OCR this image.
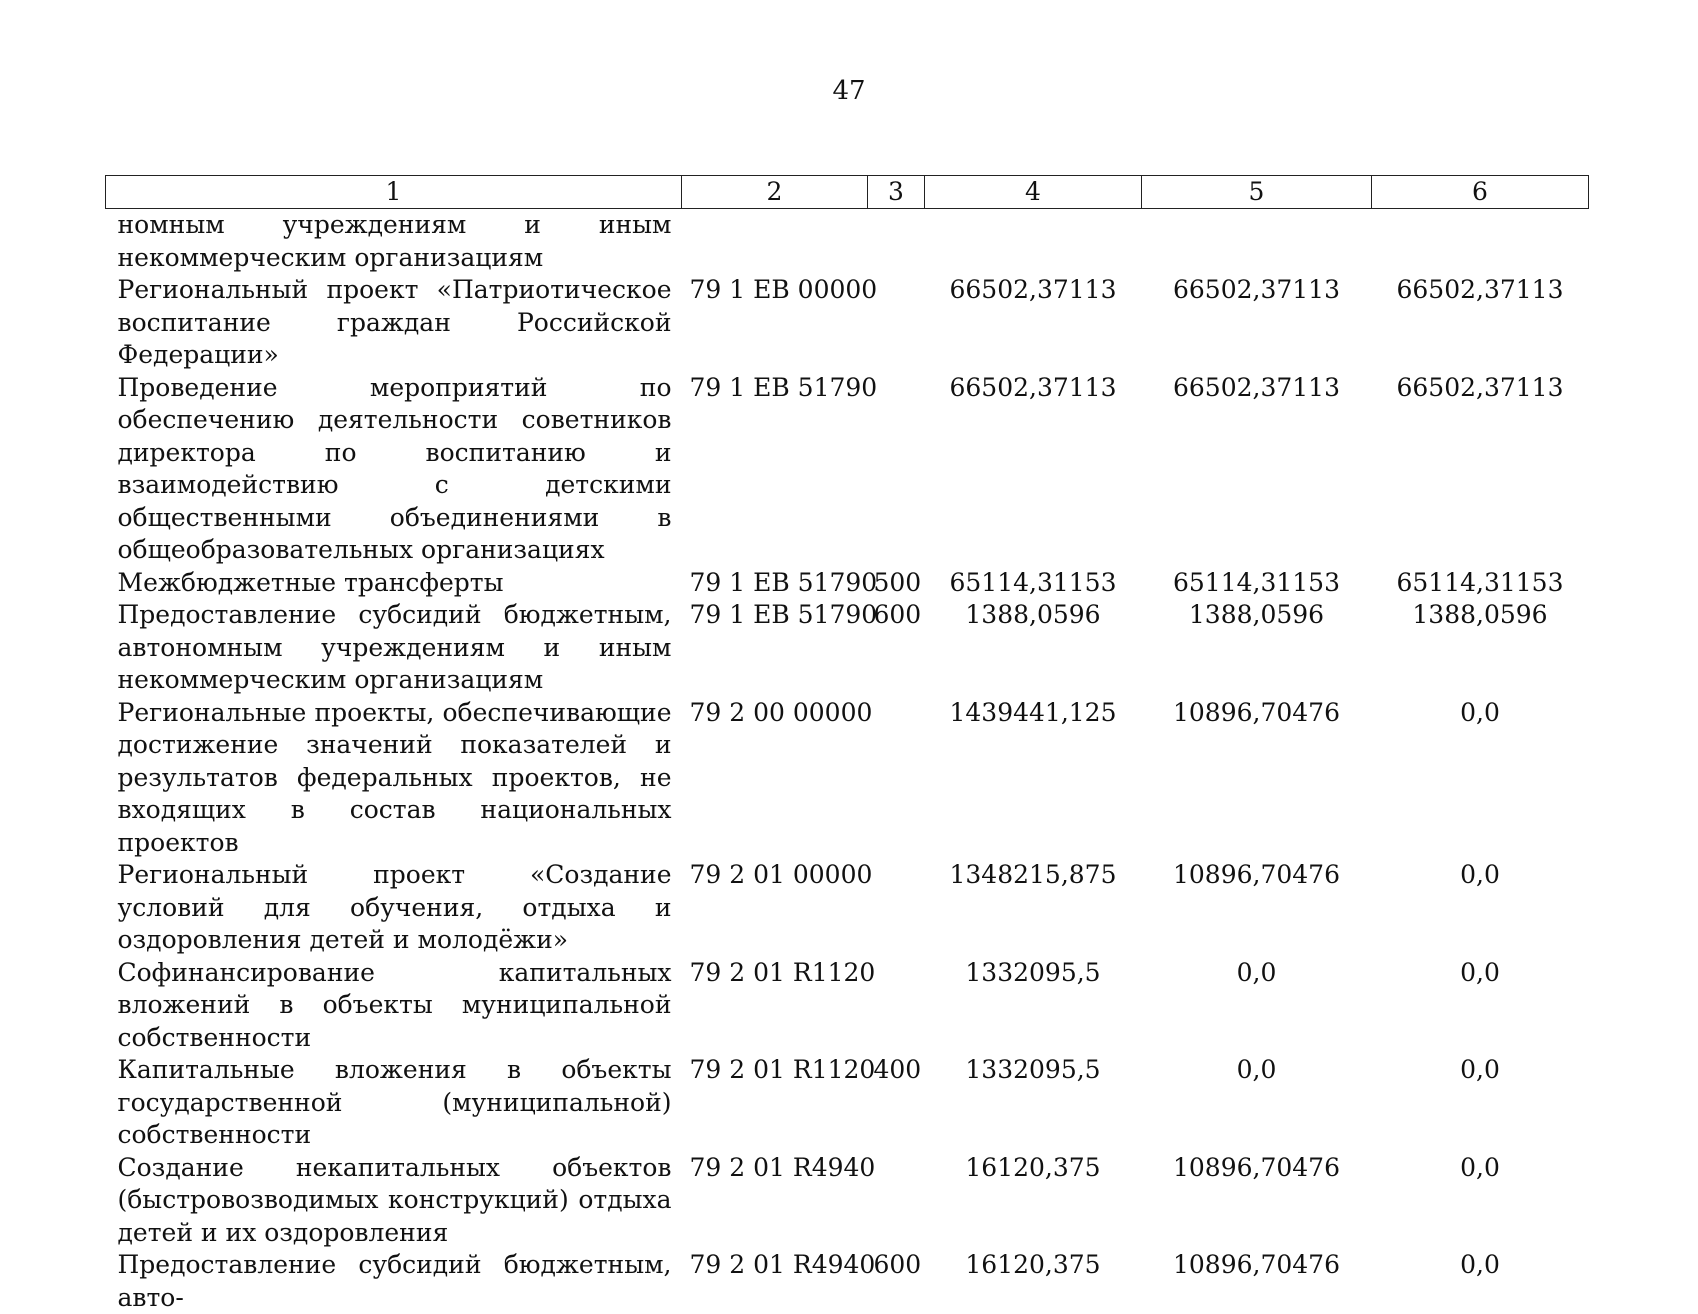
47
1	2	3	4	5	6
номным учреждениям и иным некоммерческим организациям					
Региональный проект «Патриотическое воспитание граждан Российской Федерации»	79 1 EB 00000		66502,37113	66502,37113	66502,37113
Проведение мероприятий по обеспечению деятельности советников директора по воспитанию и взаимодействию с детскими общественными объединениями в общеобразовательных организациях	79 1 EB 51790		66502,37113	66502,37113	66502,37113
Межбюджетные трансферты	79 1 EB 51790	500	65114,31153	65114,31153	65114,31153
Предоставление субсидий бюджетным, автономным учреждениям и иным некоммерческим организациям	79 1 EB 51790	600	1388,0596	1388,0596	1388,0596
Региональные проекты, обеспечивающие достижение значений показателей и результатов федеральных проектов, не входящих в состав национальных проектов	79 2 00 00000		1439441,125	10896,70476	0,0
Региональный проект «Создание условий для обучения, отдыха и оздоровления детей и молодёжи»	79 2 01 00000		1348215,875	10896,70476	0,0
Софинансирование капитальных вложений в объекты муниципальной собственности	79 2 01 R1120		1332095,5	0,0	0,0
Капитальные вложения в объекты государственной (муниципальной) собственности	79 2 01 R1120	400	1332095,5	0,0	0,0
Создание некапитальных объектов (быстровозводимых конструкций) отдыха детей и их оздоровления	79 2 01 R4940		16120,375	10896,70476	0,0
Предоставление субсидий бюджетным, авто-	79 2 01 R4940	600	16120,375	10896,70476	0,0
